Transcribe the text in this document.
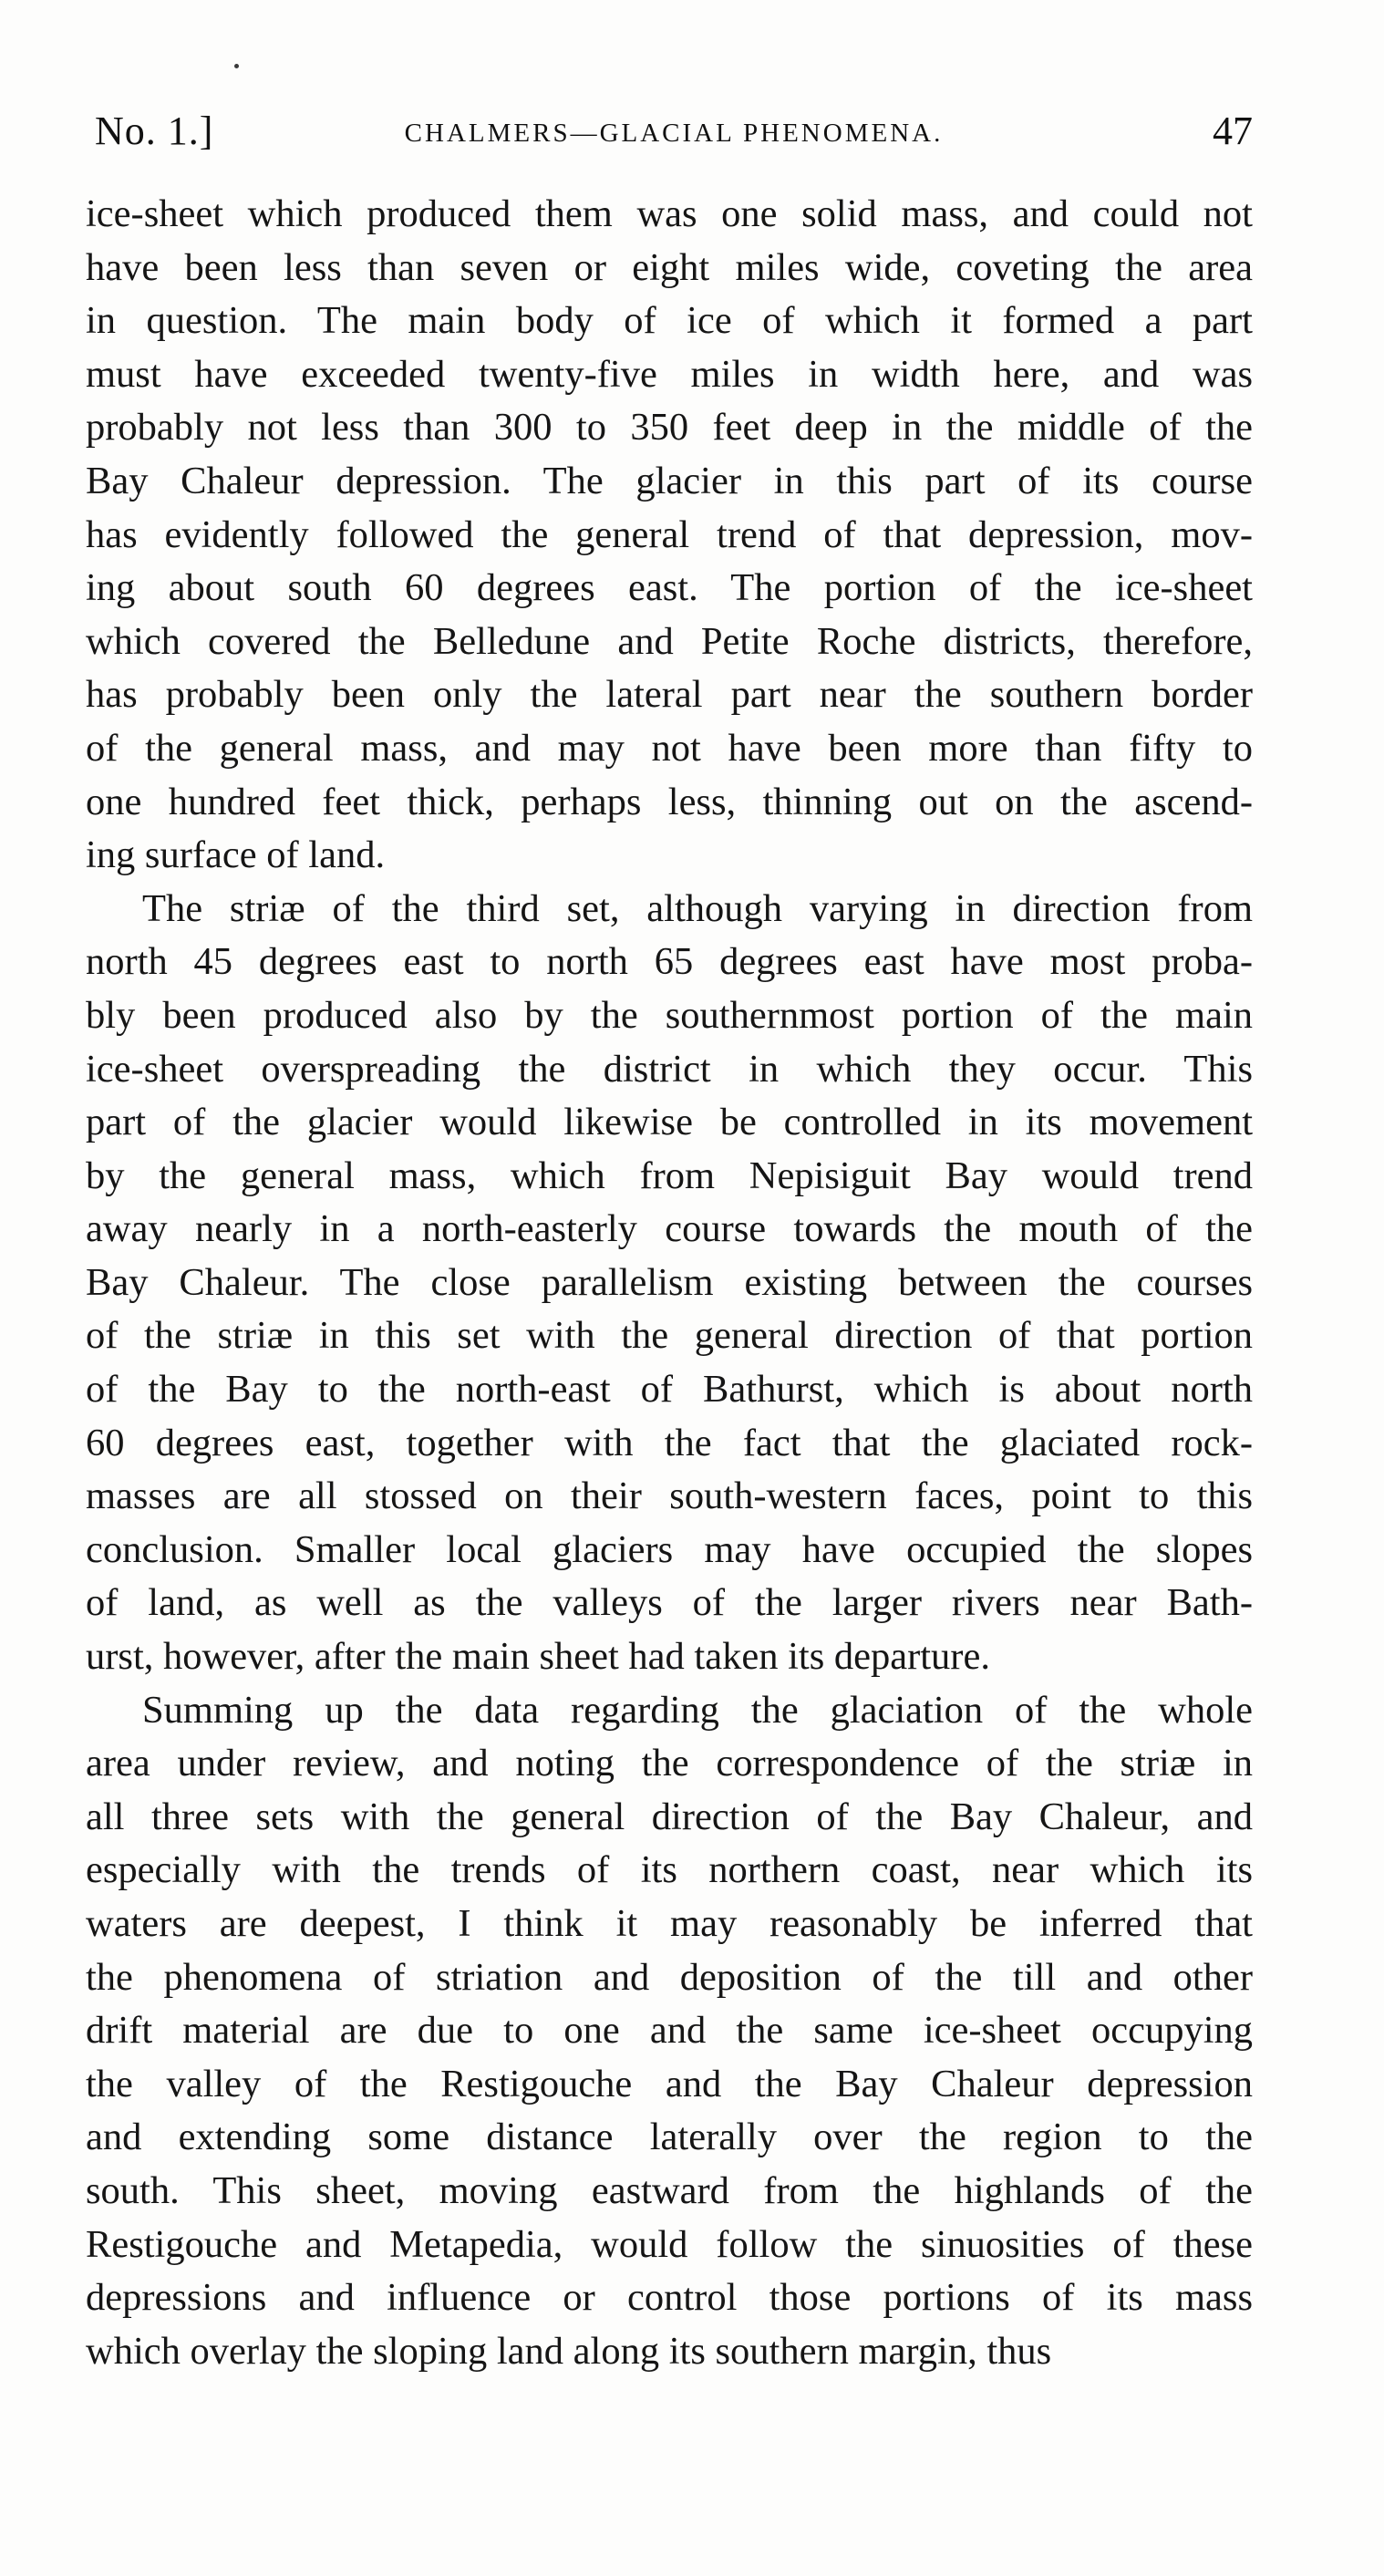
No. 1.]	CHALMERS—GLACIAL PHENOMENA.	47
ice-sheet which produced them was one solid mass, and could not
have been less than seven or eight miles wide, coveting the area
in question. The main body of ice of which it formed a part
must have exceeded twenty-five miles in width here, and was
probably not less than 300 to 350 feet deep in the middle of the
Bay Chaleur depression. The glacier in this part of its course
has evidently followed the general trend of that depression, mov-
ing about south 60 degrees east. The portion of the ice-sheet
which covered the Belledune and Petite Roche districts, therefore,
has probably been only the lateral part near the southern border
of the general mass, and may not have been more than fifty to
one hundred feet thick, perhaps less, thinning out on the ascend-
ing surface of land.
The striæ of the third set, although varying in direction from
north 45 degrees east to north 65 degrees east have most proba-
bly been produced also by the southernmost portion of the main
ice-sheet overspreading the district in which they occur. This
part of the glacier would likewise be controlled in its movement
by the general mass, which from Nepisiguit Bay would trend
away nearly in a north-easterly course towards the mouth of the
Bay Chaleur. The close parallelism existing between the courses
of the striæ in this set with the general direction of that portion
of the Bay to the north-east of Bathurst, which is about north
60 degrees east, together with the fact that the glaciated rock-
masses are all stossed on their south-western faces, point to this
conclusion. Smaller local glaciers may have occupied the slopes
of land, as well as the valleys of the larger rivers near Bath-
urst, however, after the main sheet had taken its departure.
Summing up the data regarding the glaciation of the whole
area under review, and noting the correspondence of the striæ in
all three sets with the general direction of the Bay Chaleur, and
especially with the trends of its northern coast, near which its
waters are deepest, I think it may reasonably be inferred that
the phenomena of striation and deposition of the till and other
drift material are due to one and the same ice-sheet occupying
the valley of the Restigouche and the Bay Chaleur depression
and extending some distance laterally over the region to the
south. This sheet, moving eastward from the highlands of the
Restigouche and Metapedia, would follow the sinuosities of these
depressions and influence or control those portions of its mass
which overlay the sloping land along its southern margin, thus
